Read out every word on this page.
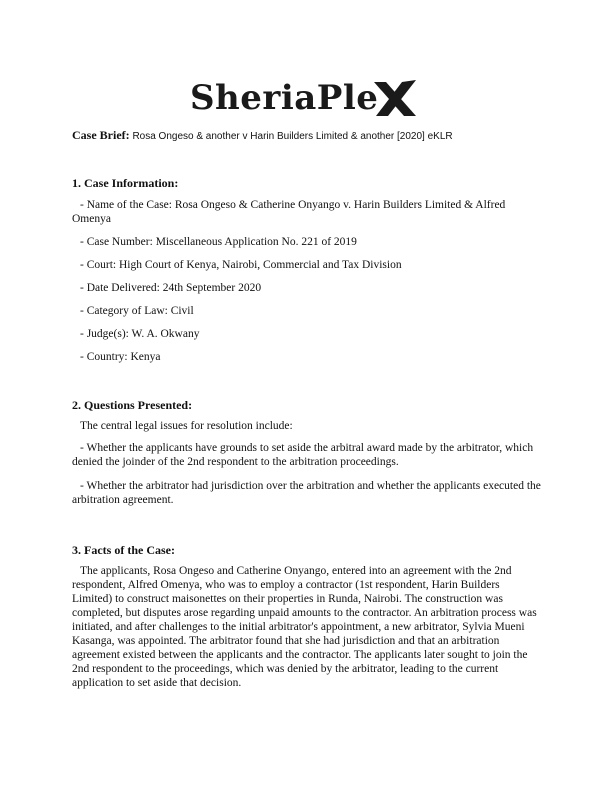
SheriaPle
Case Brief: Rosa Ongeso & another v Harin Builders Limited & another [2020] eKLR
1. Case Information:
- Name of the Case: Rosa Ongeso & Catherine Onyango v. Harin Builders Limited & Alfred Omenya
- Case Number: Miscellaneous Application No. 221 of 2019
- Court: High Court of Kenya, Nairobi, Commercial and Tax Division
- Date Delivered: 24th September 2020
- Category of Law: Civil
- Judge(s): W. A. Okwany
- Country: Kenya
2. Questions Presented:
The central legal issues for resolution include:
- Whether the applicants have grounds to set aside the arbitral award made by the arbitrator, which denied the joinder of the 2nd respondent to the arbitration proceedings.
- Whether the arbitrator had jurisdiction over the arbitration and whether the applicants executed the arbitration agreement.
3. Facts of the Case:
The applicants, Rosa Ongeso and Catherine Onyango, entered into an agreement with the 2nd respondent, Alfred Omenya, who was to employ a contractor (1st respondent, Harin Builders Limited) to construct maisonettes on their properties in Runda, Nairobi. The construction was completed, but disputes arose regarding unpaid amounts to the contractor. An arbitration process was initiated, and after challenges to the initial arbitrator's appointment, a new arbitrator, Sylvia Mueni Kasanga, was appointed. The arbitrator found that she had jurisdiction and that an arbitration agreement existed between the applicants and the contractor. The applicants later sought to join the 2nd respondent to the proceedings, which was denied by the arbitrator, leading to the current application to set aside that decision.
